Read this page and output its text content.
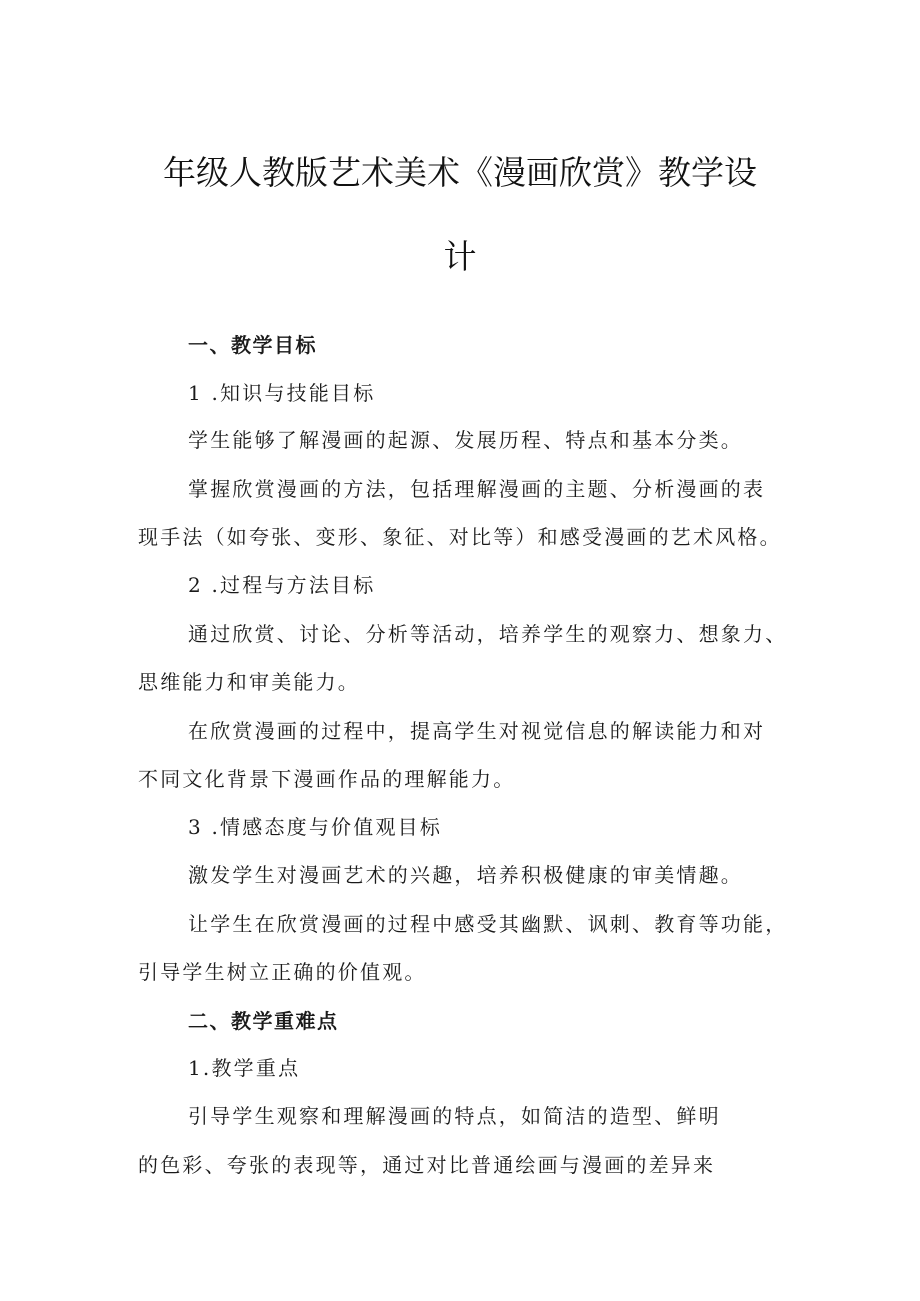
年级人教版艺术美术《漫画欣赏》教学设
计
一、教学目标
1 .知识与技能目标
学生能够了解漫画的起源、发展历程、特点和基本分类。
掌握欣赏漫画的方法，包括理解漫画的主题、分析漫画的表
现手法（如夸张、变形、象征、对比等）和感受漫画的艺术风格。
2 .过程与方法目标
通过欣赏、讨论、分析等活动，培养学生的观察力、想象力、
思维能力和审美能力。
在欣赏漫画的过程中，提高学生对视觉信息的解读能力和对
不同文化背景下漫画作品的理解能力。
3 .情感态度与价值观目标
激发学生对漫画艺术的兴趣，培养积极健康的审美情趣。
让学生在欣赏漫画的过程中感受其幽默、讽刺、教育等功能，
引导学生树立正确的价值观。
二、教学重难点
1.教学重点
引导学生观察和理解漫画的特点，如简洁的造型、鲜明
的色彩、夸张的表现等，通过对比普通绘画与漫画的差异来
